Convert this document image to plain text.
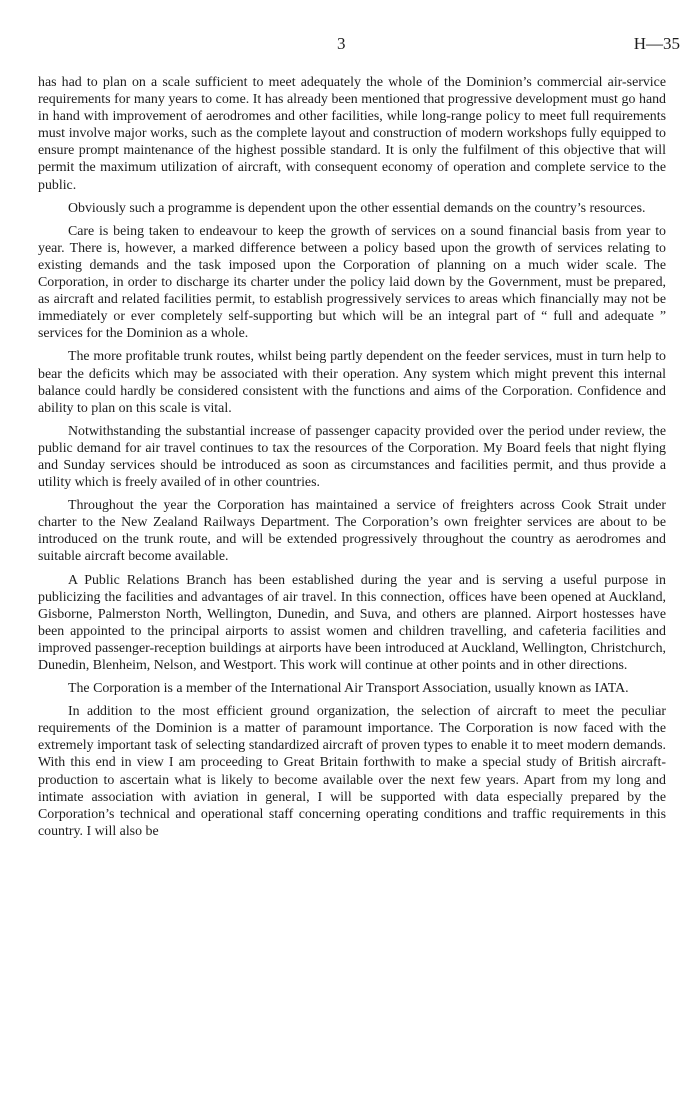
3	H—35

has had to plan on a scale sufficient to meet adequately the whole of the Dominion’s commercial air-service requirements for many years to come. It has already been mentioned that progressive development must go hand in hand with improvement of aerodromes and other facilities, while long-range policy to meet full requirements must involve major works, such as the complete layout and construction of modern workshops fully equipped to ensure prompt maintenance of the highest possible standard. It is only the fulfilment of this objective that will permit the maximum utilization of aircraft, with consequent economy of operation and complete service to the public.

Obviously such a programme is dependent upon the other essential demands on the country’s resources.

Care is being taken to endeavour to keep the growth of services on a sound financial basis from year to year. There is, however, a marked difference between a policy based upon the growth of services relating to existing demands and the task imposed upon the Corporation of planning on a much wider scale. The Corporation, in order to discharge its charter under the policy laid down by the Government, must be prepared, as aircraft and related facilities permit, to establish progressively services to areas which financially may not be immediately or ever completely self-supporting but which will be an integral part of “ full and adequate ” services for the Dominion as a whole.

The more profitable trunk routes, whilst being partly dependent on the feeder services, must in turn help to bear the deficits which may be associated with their operation. Any system which might prevent this internal balance could hardly be considered consistent with the functions and aims of the Corporation. Confidence and ability to plan on this scale is vital.

Notwithstanding the substantial increase of passenger capacity provided over the period under review, the public demand for air travel continues to tax the resources of the Corporation. My Board feels that night flying and Sunday services should be introduced as soon as circumstances and facilities permit, and thus provide a utility which is freely availed of in other countries.

Throughout the year the Corporation has maintained a service of freighters across Cook Strait under charter to the New Zealand Railways Department. The Corporation’s own freighter services are about to be introduced on the trunk route, and will be extended progressively throughout the country as aerodromes and suitable aircraft become available.

A Public Relations Branch has been established during the year and is serving a useful purpose in publicizing the facilities and advantages of air travel. In this connection, offices have been opened at Auckland, Gisborne, Palmerston North, Wellington, Dunedin, and Suva, and others are planned. Airport hostesses have been appointed to the principal airports to assist women and children travelling, and cafeteria facilities and improved passenger-reception buildings at airports have been introduced at Auckland, Wellington, Christchurch, Dunedin, Blenheim, Nelson, and Westport. This work will continue at other points and in other directions.

The Corporation is a member of the International Air Transport Association, usually known as IATA.

In addition to the most efficient ground organization, the selection of aircraft to meet the peculiar requirements of the Dominion is a matter of paramount importance. The Corporation is now faced with the extremely important task of selecting standardized aircraft of proven types to enable it to meet modern demands. With this end in view I am proceeding to Great Britain forthwith to make a special study of British aircraft-production to ascertain what is likely to become available over the next few years. Apart from my long and intimate association with aviation in general, I will be supported with data especially prepared by the Corporation’s technical and operational staff concerning operating conditions and traffic requirements in this country. I will also be
